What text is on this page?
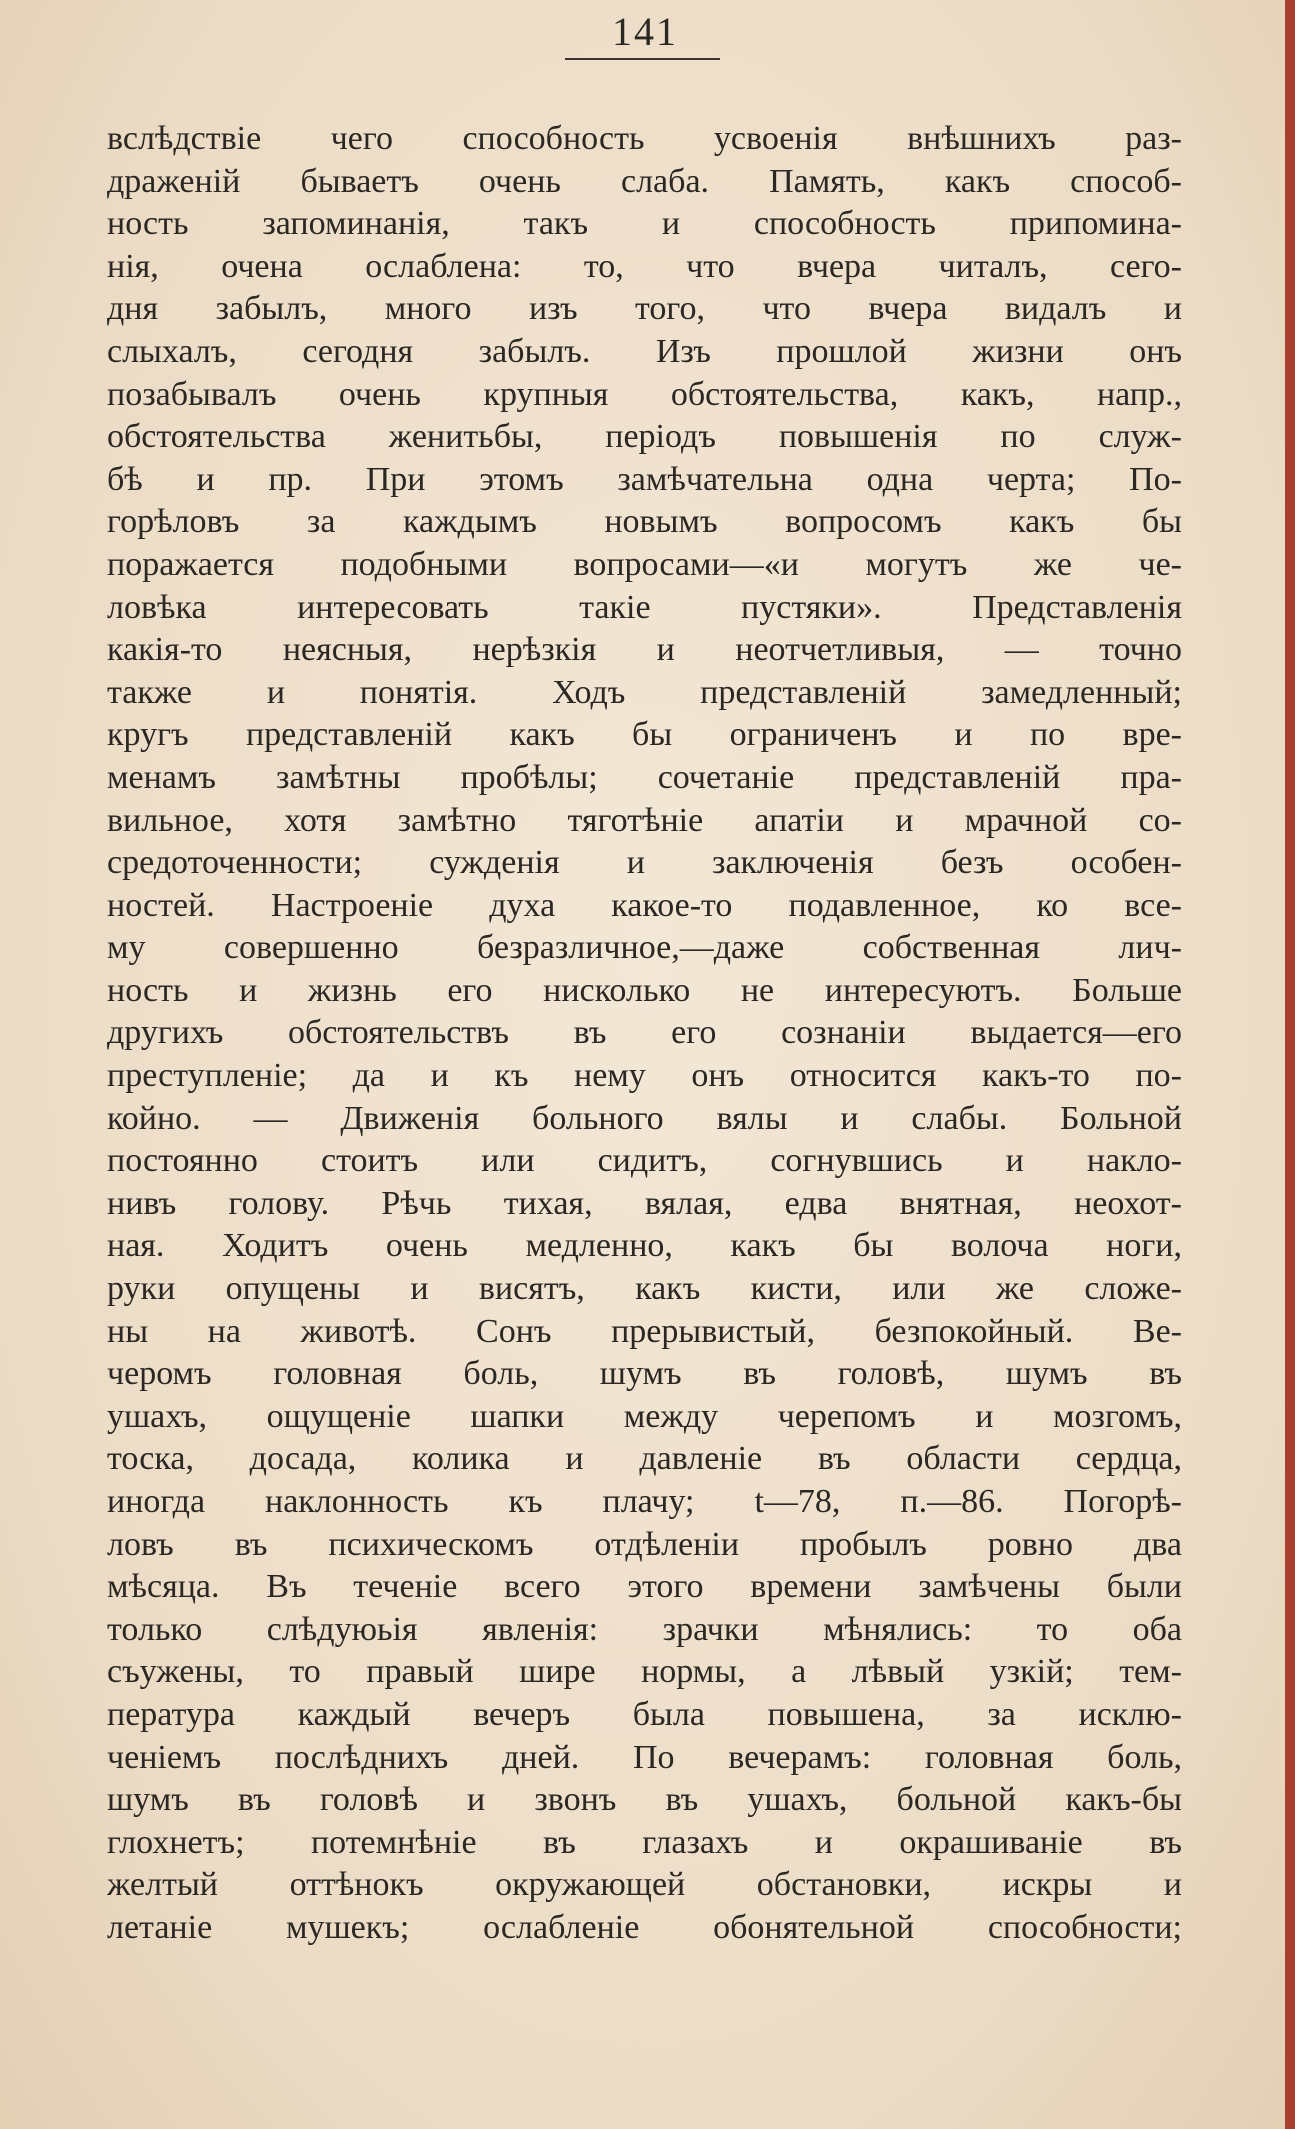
141
вслѣдствіе чего способность усвоенія внѣшнихъ раз-
драженій бываетъ очень слаба. Память, какъ способ-
ность запоминанія, такъ и способность припомина-
нія, очена ослаблена: то, что вчера читалъ, сего-
дня забылъ, много изъ того, что вчера видалъ и
слыхалъ, сегодня забылъ. Изъ прошлой жизни онъ
позабывалъ очень крупныя обстоятельства, какъ, напр.,
обстоятельства женитьбы, періодъ повышенія по служ-
бѣ и пр. При этомъ замѣчательна одна черта; По-
горѣловъ за каждымъ новымъ вопросомъ какъ бы
поражается подобными вопросами—«и могутъ же че-
ловѣка интересовать такіе пустяки». Представленія
какія-то неясныя, нерѣзкія и неотчетливыя, — точно
также и понятія. Ходъ представленій замедленный;
кругъ представленій какъ бы ограниченъ и по вре-
менамъ замѣтны пробѣлы; сочетаніе представленій пра-
вильное, хотя замѣтно тяготѣніе апатіи и мрачной со-
средоточенности; сужденія и заключенія безъ особен-
ностей. Настроеніе духа какое-то подавленное, ко все-
му совершенно безразличное,—даже собственная лич-
ность и жизнь его нисколько не интересуютъ. Больше
другихъ обстоятельствъ въ его сознаніи выдается—его
преступленіе; да и къ нему онъ относится какъ-то по-
койно. — Движенія больного вялы и слабы. Больной
постоянно стоитъ или сидитъ, согнувшись и накло-
нивъ голову. Рѣчь тихая, вялая, едва внятная, неохот-
ная. Ходитъ очень медленно, какъ бы волоча ноги,
руки опущены и висятъ, какъ кисти, или же сложе-
ны на животѣ. Сонъ прерывистый, безпокойный. Ве-
черомъ головная боль, шумъ въ головѣ, шумъ въ
ушахъ, ощущеніе шапки между черепомъ и мозгомъ,
тоска, досада, колика и давленіе въ области сердца,
иногда наклонность къ плачу; t—78, п.—86. Погорѣ-
ловъ въ психическомъ отдѣленіи пробылъ ровно два
мѣсяца. Въ теченіе всего этого времени замѣчены были
только слѣдуюьія явленія: зрачки мѣнялись: то оба
съужены, то правый шире нормы, а лѣвый узкій; тем-
пература каждый вечеръ была повышена, за исклю-
ченіемъ послѣднихъ дней. По вечерамъ: головная боль,
шумъ въ головѣ и звонъ въ ушахъ, больной какъ-бы
глохнетъ; потемнѣніе въ глазахъ и окрашиваніе въ
желтый оттѣнокъ окружающей обстановки, искры и
летаніе мушекъ; ослабленіе обонятельной способности;
